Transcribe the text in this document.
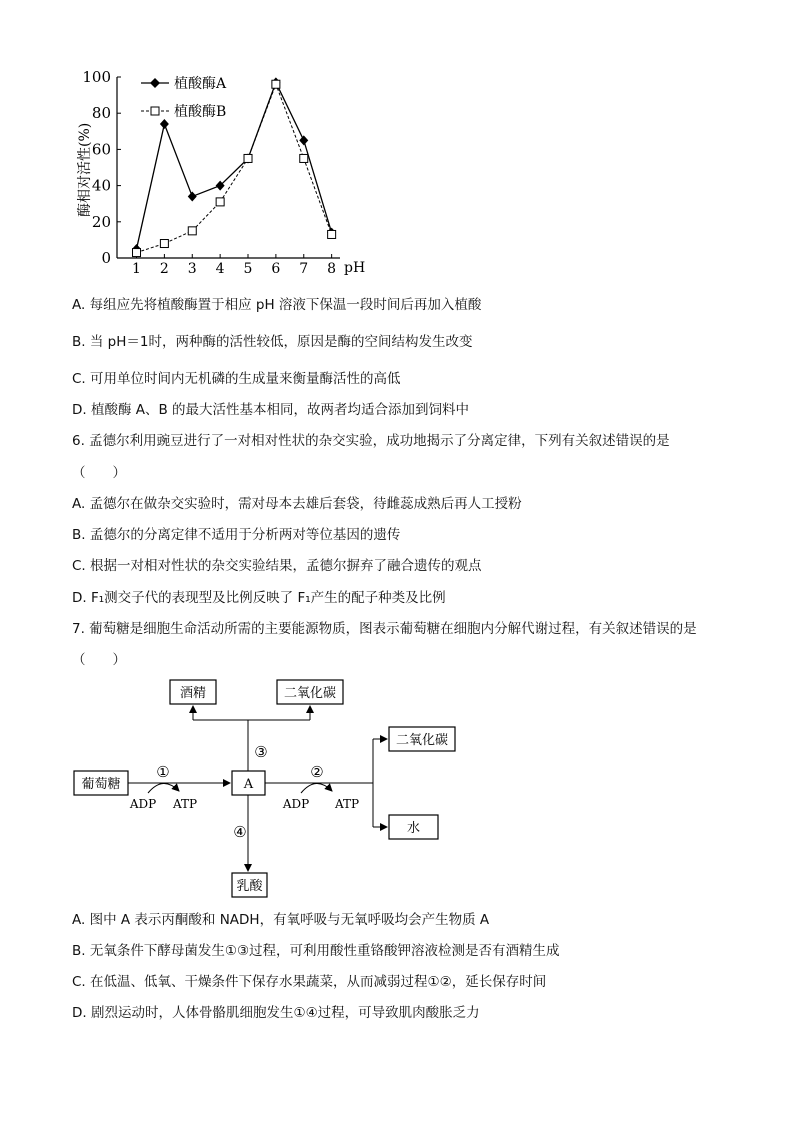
0
20
40
60
80
100
1 2 3 4 5 6 7 8
植酸酶A
植酸酶B
酶相对活性(%)
pH
A. 每组应先将植酸酶置于相应 pH 溶液下保温一段时间后再加入植酸
B. 当 pH＝1时，两种酶的活性较低，原因是酶的空间结构发生改变
C. 可用单位时间内无机磷的生成量来衡量酶活性的高低
D. 植酸酶 A、B 的最大活性基本相同，故两者均适合添加到饲料中
6. 孟德尔利用豌豆进行了一对相对性状的杂交实验，成功地揭示了分离定律，下列有关叙述错误的是
（　　）
A. 孟德尔在做杂交实验时，需对母本去雄后套袋，待雌蕊成熟后再人工授粉
B. 孟德尔的分离定律不适用于分析两对等位基因的遗传
C. 根据一对相对性状的杂交实验结果，孟德尔摒弃了融合遗传的观点
D. F₁测交子代的表现型及比例反映了 F₁产生的配子种类及比例
7. 葡萄糖是细胞生命活动所需的主要能源物质，图表示葡萄糖在细胞内分解代谢过程，有关叙述错误的是
（　　）
酒精	二氧化碳
葡萄糖	A
二氧化碳
水
乳酸
①	②
③
④
ADP ATP	ADP ATP
A. 图中 A 表示丙酮酸和 NADH，有氧呼吸与无氧呼吸均会产生物质 A
B. 无氧条件下酵母菌发生①③过程，可利用酸性重铬酸钾溶液检测是否有酒精生成
C. 在低温、低氧、干燥条件下保存水果蔬菜，从而减弱过程①②，延长保存时间
D. 剧烈运动时，人体骨骼肌细胞发生①④过程，可导致肌肉酸胀乏力
